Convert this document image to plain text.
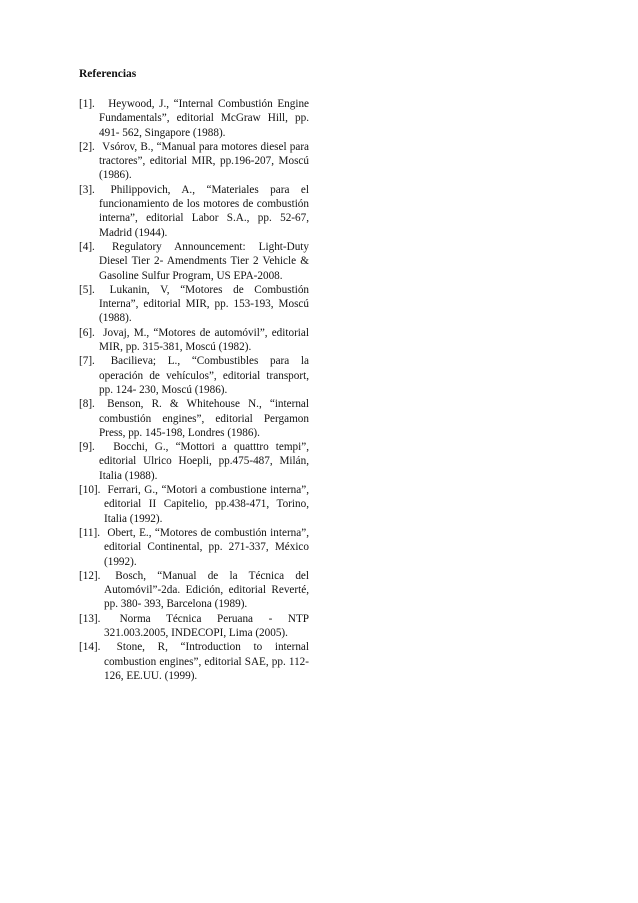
Referencias
[1]. Heywood, J., “Internal Combustión Engine Fundamentals”, editorial McGraw Hill, pp. 491- 562, Singapore (1988).
[2]. Vsórov, B., “Manual para motores diesel para tractores”, editorial MIR, pp.196-207, Moscú (1986).
[3]. Philippovich, A., “Materiales para el funcionamiento de los motores de combustión interna”, editorial Labor S.A., pp. 52-67, Madrid (1944).
[4]. Regulatory Announcement: Light-Duty Diesel Tier 2- Amendments Tier 2 Vehicle & Gasoline Sulfur Program, US EPA-2008.
[5]. Lukanin, V, “Motores de Combustión Interna”, editorial MIR, pp. 153-193, Moscú (1988).
[6]. Jovaj, M., “Motores de automóvil”, editorial MIR, pp. 315-381, Moscú (1982).
[7]. Bacilieva; L., “Combustibles para la operación de vehículos”, editorial transport, pp. 124- 230, Moscú (1986).
[8]. Benson, R. & Whitehouse N., “internal combustión engines”, editorial Pergamon Press, pp. 145-198, Londres (1986).
[9]. Bocchi, G., “Mottori a quatttro tempi”, editorial Ulrico Hoepli, pp.475-487, Milán, Italia (1988).
[10]. Ferrari, G., “Motori a combustione interna”, editorial II Capitelio, pp.438-471, Torino, Italia (1992).
[11]. Obert, E., “Motores de combustión interna”, editorial Continental, pp. 271-337, México (1992).
[12]. Bosch, “Manual de la Técnica del Automóvil”-2da. Edición, editorial Reverté, pp. 380- 393, Barcelona (1989).
[13]. Norma Técnica Peruana - NTP 321.003.2005, INDECOPI, Lima (2005).
[14]. Stone, R, “Introduction to internal combustion engines”, editorial SAE, pp. 112-126, EE.UU. (1999).
